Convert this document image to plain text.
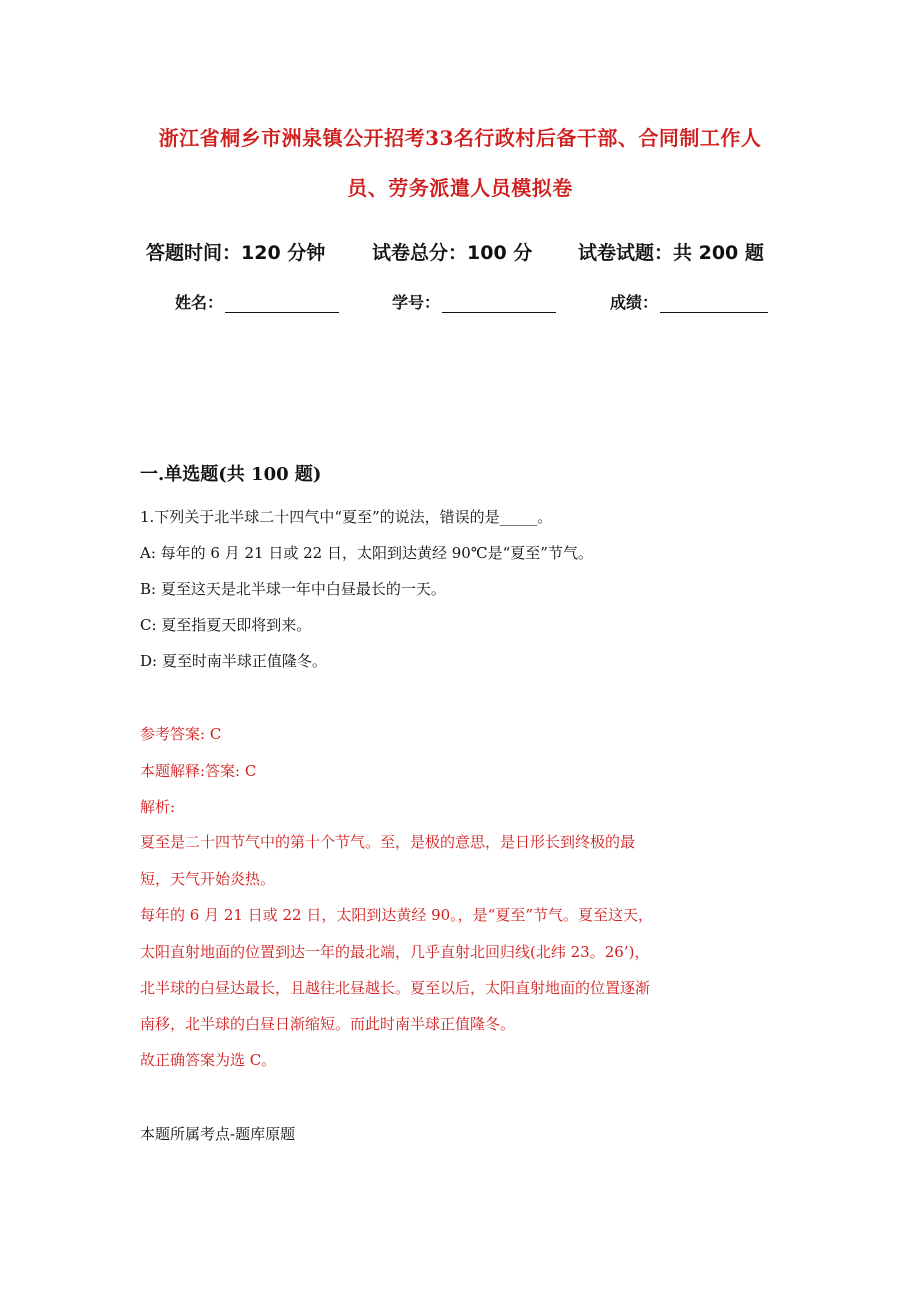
浙江省桐乡市洲泉镇公开招考33名行政村后备干部、合同制工作人
员、劳务派遣人员模拟卷
答题时间：120 分钟 试卷总分：100 分 试卷试题：共 200 题
姓名：	学号：	成绩：
一.单选题(共 100 题)
1.下列关于北半球二十四气中“夏至”的说法，错误的是_____。
A: 每年的 6 月 21 日或 22 日，太阳到达黄经 90℃是“夏至”节气。
B: 夏至这天是北半球一年中白昼最长的一天。
C: 夏至指夏天即将到来。
D: 夏至时南半球正值隆冬。
参考答案: C
本题解释:答案: C
解析:
夏至是二十四节气中的第十个节气。至，是极的意思，是日形长到终极的最
短，天气开始炎热。
每年的 6 月 21 日或 22 日，太阳到达黄经 90。，是“夏至”节气。夏至这天，
太阳直射地面的位置到达一年的最北端，几乎直射北回归线(北纬 23。26’)，
北半球的白昼达最长，且越往北昼越长。夏至以后，太阳直射地面的位置逐渐
南移，北半球的白昼日渐缩短。而此时南半球正值隆冬。
故正确答案为选 C。
本题所属考点-题库原题
